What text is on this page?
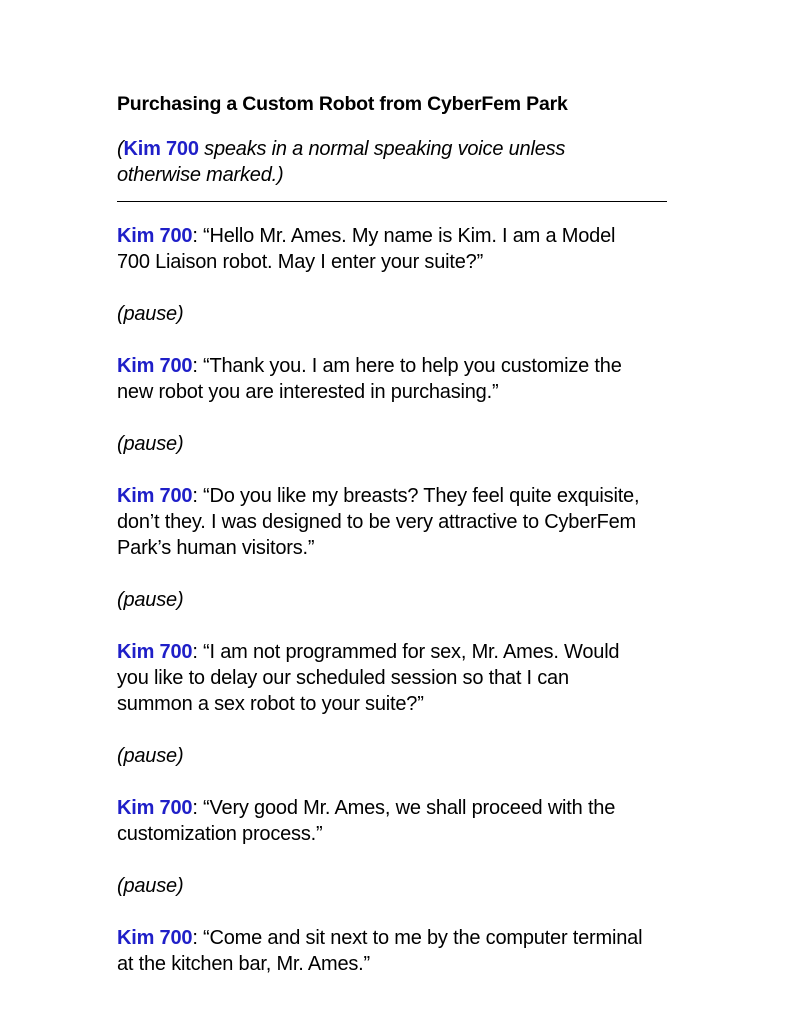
Purchasing a Custom Robot from CyberFem Park
(Kim 700 speaks in a normal speaking voice unless
otherwise marked.)
Kim 700: “Hello Mr. Ames. My name is Kim. I am a Model
700 Liaison robot. May I enter your suite?”
(pause)
Kim 700: “Thank you. I am here to help you customize the
new robot you are interested in purchasing.”
(pause)
Kim 700: “Do you like my breasts? They feel quite exquisite,
don’t they. I was designed to be very attractive to CyberFem
Park’s human visitors.”
(pause)
Kim 700: “I am not programmed for sex, Mr. Ames. Would
you like to delay our scheduled session so that I can
summon a sex robot to your suite?”
(pause)
Kim 700: “Very good Mr. Ames, we shall proceed with the
customization process.”
(pause)
Kim 700: “Come and sit next to me by the computer terminal
at the kitchen bar, Mr. Ames.”
